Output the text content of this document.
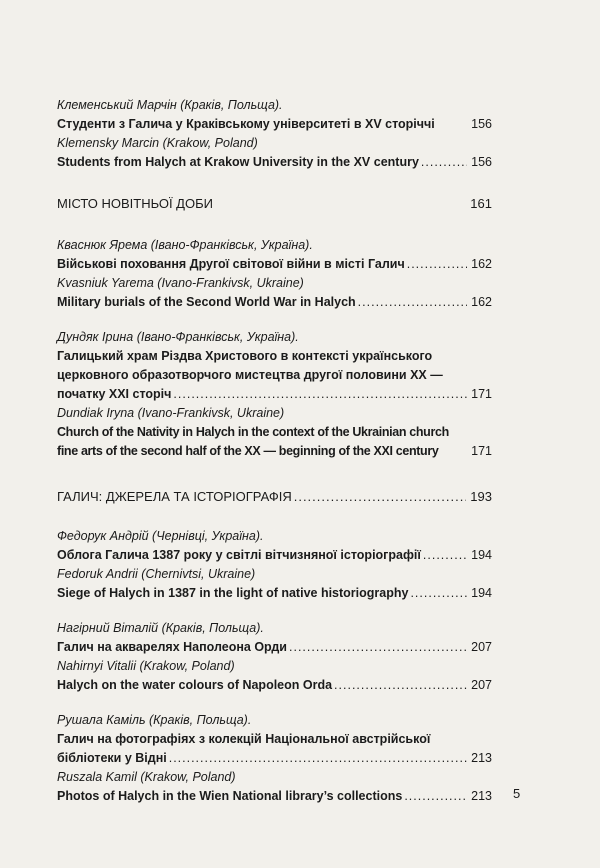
Клеменський Марчін (Краків, Польща).
Студенти з Галича у Краківському університеті в XV сторіччі	156
Klemensky Marcin (Krakow, Poland)
Students from Halych at Krakow University in the XV century .....	156
МІСТО НОВІТНЬОЇ ДОБИ	161
Кваснюк Ярема (Івано-Франківськ, Україна).
Військові поховання Другої світової війни в місті Галич .....	162
Kvasniuk Yarema (Ivano-Frankivsk, Ukraine)
Military burials of the Second World War in Halych .....	162
Дундяк Ірина (Івано-Франківськ, Україна).
Галицький храм Різдва Христового в контексті українського
церковного образотворчого мистецтва другої половини XX —
початку XXI сторіч .....	171
Dundiak Iryna (Ivano-Frankivsk, Ukraine)
Church of the Nativity in Halych in the context of the Ukrainian church
fine arts of the second half of the XX — beginning of the XXI century	171
ГАЛИЧ: ДЖЕРЕЛА ТА ІСТОРІОГРАФІЯ .....	193
Федорук Андрій (Чернівці, Україна).
Облога Галича 1387 року у світлі вітчизняної історіографії .....	194
Fedoruk Andrii (Chernivtsi, Ukraine)
Siege of Halych in 1387 in the light of native historiography .....	194
Нагірний Віталій (Краків, Польща).
Галич на акварелях Наполеона Орди .....	207
Nahirnyi Vitalii (Krakow, Poland)
Halych on the water colours of Napoleon Orda .....	207
Рушала Каміль (Краків, Польща).
Галич на фотографіях з колекцій Національної австрійської
бібліотеки у Відні .....	213
Ruszala Kamil (Krakow, Poland)
Photos of Halych in the Wien National library’s collections .....	213 5
